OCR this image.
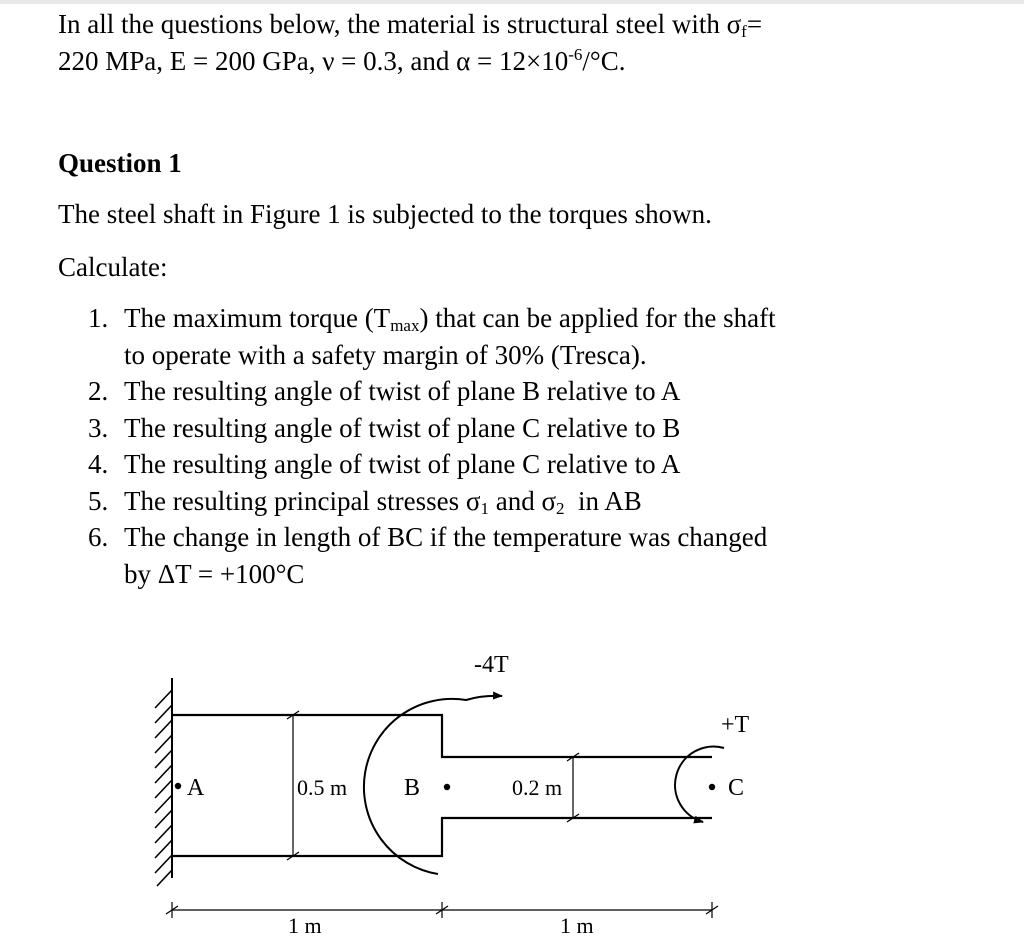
In all the questions below, the material is structural steel with $\sigma_f=$
220 MPa, E = 200 GPa, ν = 0.3, and $\alpha = 12\times 10^{-6}/^\circ C$.
Question 1
The steel shaft in Figure 1 is subjected to the torques shown.
Calculate:
1. The maximum torque $(T_{max})$ that can be applied for the shaft
to operate with a safety margin of 30% (Tresca).
2. The resulting angle of twist of plane B relative to A
3. The resulting angle of twist of plane C relative to B
4. The resulting angle of twist of plane C relative to A
5. The resulting principal stresses $\sigma_1$ and $\sigma_2$  in AB
6. The change in length of BC if the temperature was changed
by ΔT = +100°C
-4T
+T
A	B	C
0.5 m	0.2 m
1 m	1 m
